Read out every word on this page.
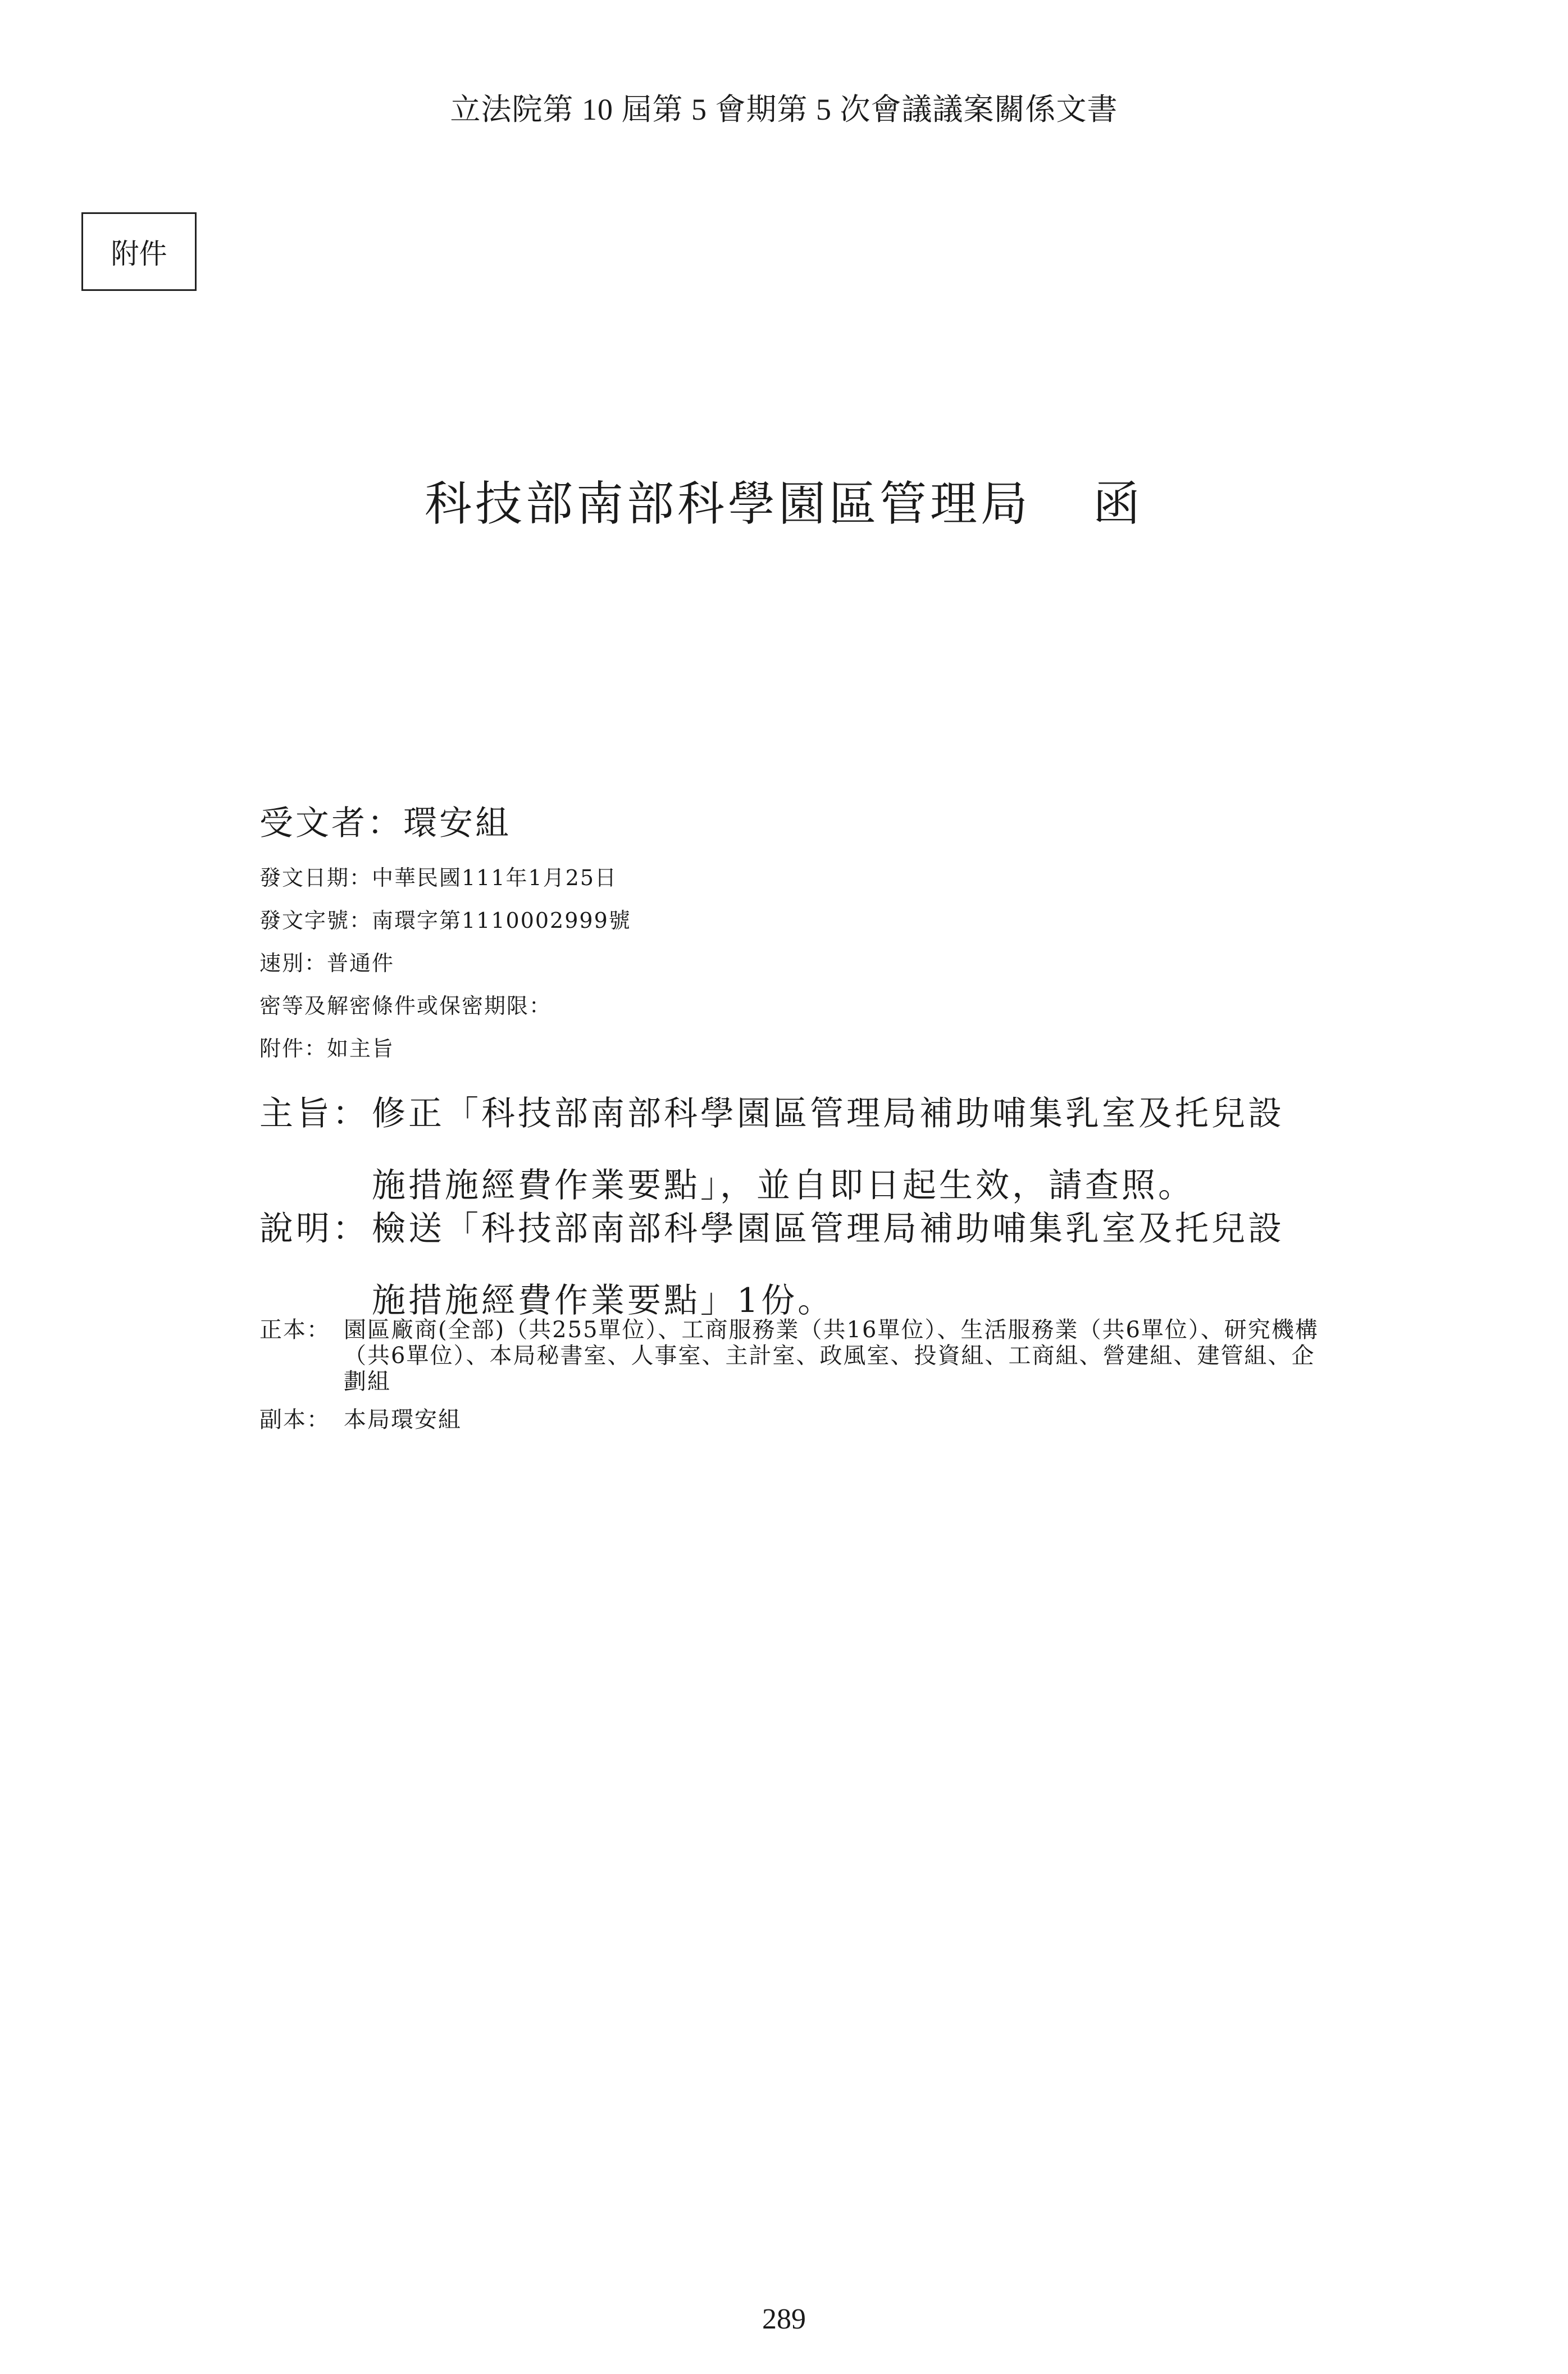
立法院第 10 屆第 5 會期第 5 次會議議案關係文書
附件
科技部南部科學園區管理局 函
受文者：環安組
發文日期：中華民國111年1月25日
發文字號：南環字第1110002999號
速別：普通件
密等及解密條件或保密期限：
附件：如主旨
主旨：修正「科技部南部科學園區管理局補助哺集乳室及托兒設
施措施經費作業要點」，並自即日起生效，請查照。
說明：檢送「科技部南部科學園區管理局補助哺集乳室及托兒設
施措施經費作業要點」1份。
正本： 園區廠商(全部)（共255單位）、工商服務業（共16單位）、生活服務業（共6單位）、研究機構（共6單位）、本局秘書室、人事室、主計室、政風室、投資組、工商組、營建組、建管組、企劃組
副本： 本局環安組
289
